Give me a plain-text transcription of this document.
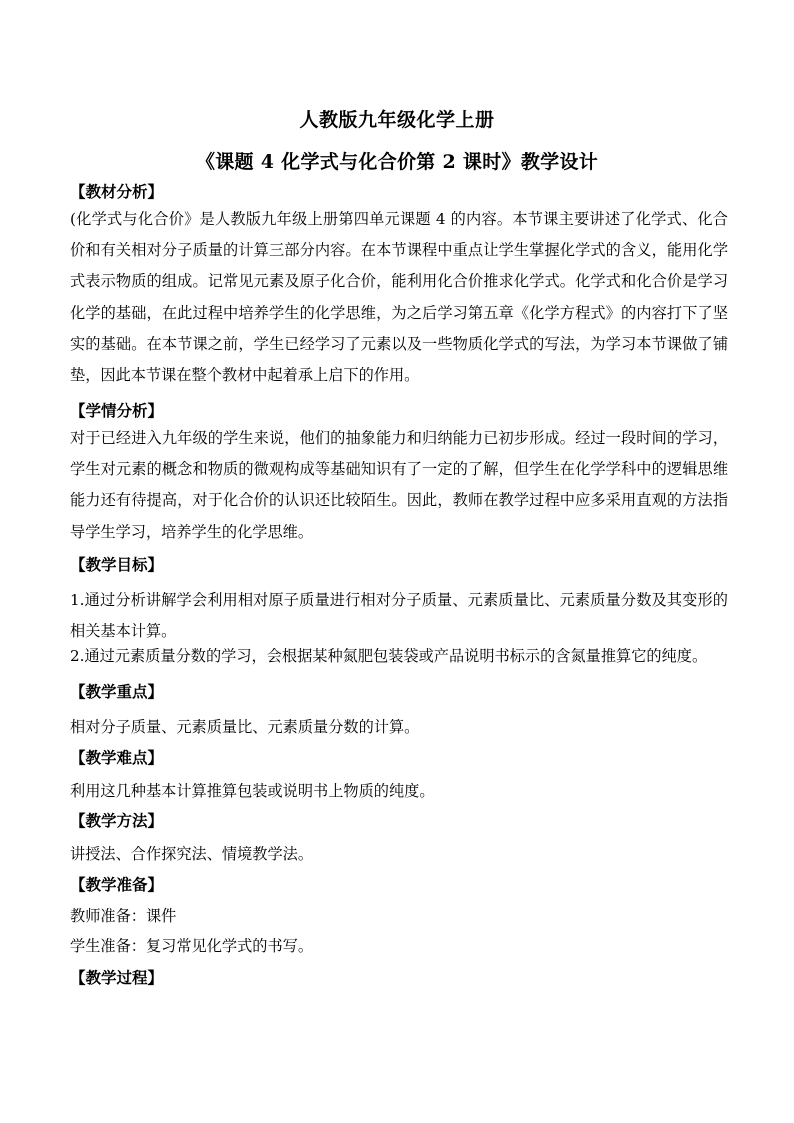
人教版九年级化学上册
《课题 4 化学式与化合价第 2 课时》教学设计
【教材分析】
(化学式与化合价》是人教版九年级上册第四单元课题 4 的内容。本节课主要讲述了化学式、化合价和有关相对分子质量的计算三部分内容。在本节课程中重点让学生掌握化学式的含义，能用化学式表示物质的组成。记常见元素及原子化合价，能利用化合价推求化学式。化学式和化合价是学习化学的基础，在此过程中培养学生的化学思维，为之后学习第五章《化学方程式》的内容打下了坚实的基础。在本节课之前，学生已经学习了元素以及一些物质化学式的写法，为学习本节课做了铺垫，因此本节课在整个教材中起着承上启下的作用。
【学情分析】
对于已经进入九年级的学生来说，他们的抽象能力和归纳能力已初步形成。经过一段时间的学习，学生对元素的概念和物质的微观构成等基础知识有了一定的了解，但学生在化学学科中的逻辑思维能力还有待提高，对于化合价的认识还比较陌生。因此，教师在教学过程中应多采用直观的方法指导学生学习，培养学生的化学思维。
【教学目标】
1.通过分析讲解学会利用相对原子质量进行相对分子质量、元素质量比、元素质量分数及其变形的相关基本计算。
2.通过元素质量分数的学习，会根据某种氮肥包装袋或产品说明书标示的含氮量推算它的纯度。
【教学重点】
相对分子质量、元素质量比、元素质量分数的计算。
【教学难点】
利用这几种基本计算推算包装或说明书上物质的纯度。
【教学方法】
讲授法、合作探究法、情境教学法。
【教学准备】
教师准备：课件
学生准备：复习常见化学式的书写。
【教学过程】
